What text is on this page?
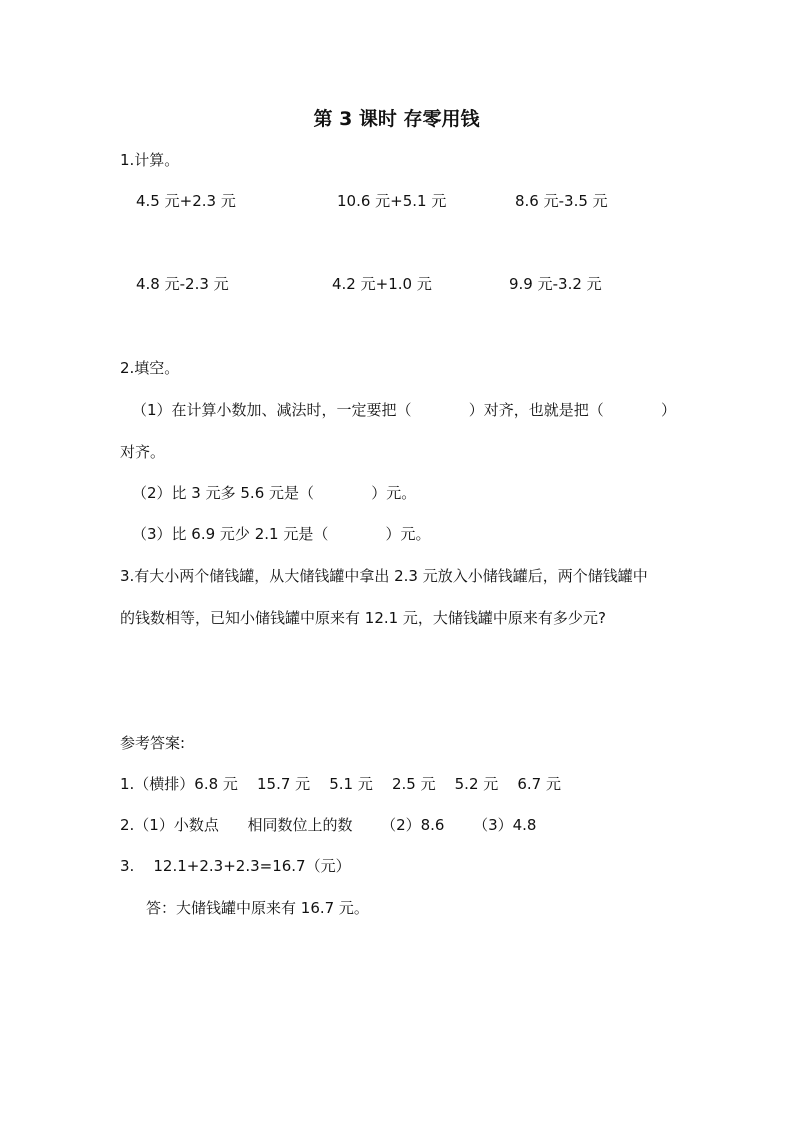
第 3 课时 存零用钱
1.计算。
4.5 元+2.3 元	10.6 元+5.1 元	8.6 元-3.5 元
4.8 元-2.3 元	4.2 元+1.0 元	9.9 元-3.2 元
2.填空。
（1）在计算小数加、减法时，一定要把（            ）对齐，也就是把（            ）
对齐。
（2）比 3 元多 5.6 元是（            ）元。
（3）比 6.9 元少 2.1 元是（            ）元。
3.有大小两个储钱罐，从大储钱罐中拿出 2.3 元放入小储钱罐后，两个储钱罐中
的钱数相等，已知小储钱罐中原来有 12.1 元，大储钱罐中原来有多少元?
参考答案:
1.（横排）6.8 元    15.7 元    5.1 元    2.5 元    5.2 元    6.7 元
2.（1）小数点      相同数位上的数      （2）8.6      （3）4.8
3.    12.1+2.3+2.3=16.7（元）
答：大储钱罐中原来有 16.7 元。
